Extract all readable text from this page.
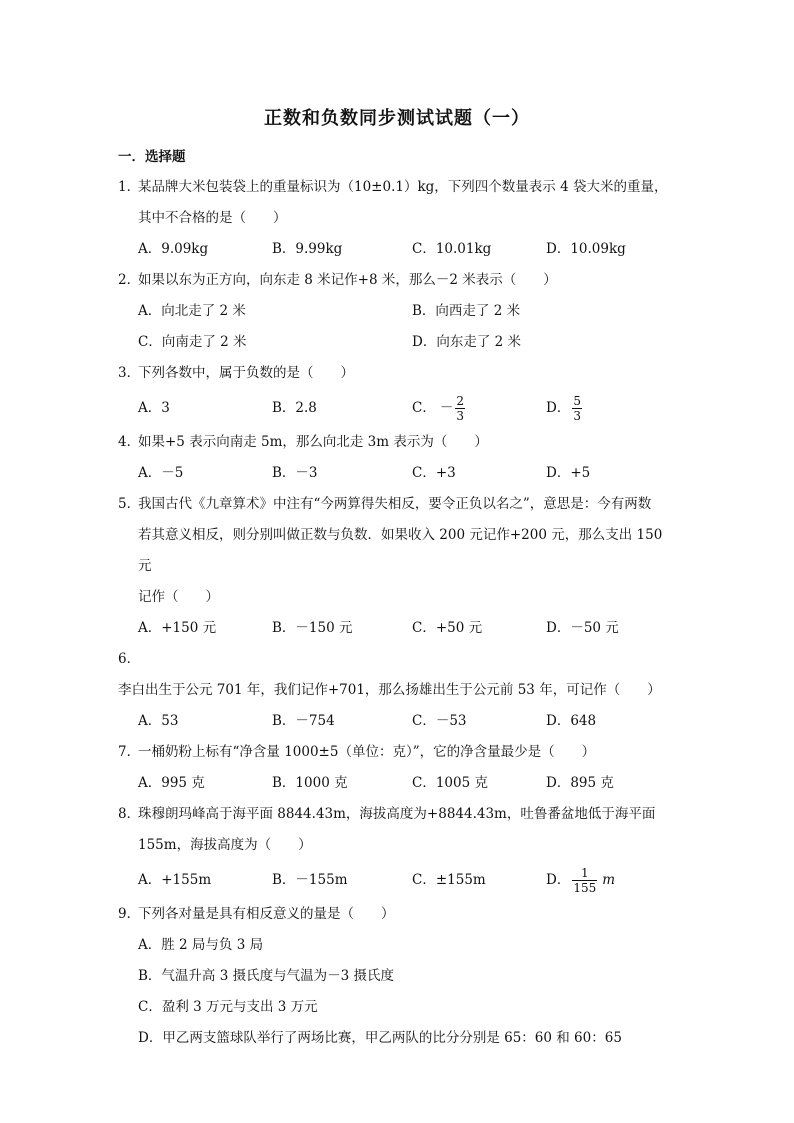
正数和负数同步测试试题（一）
一．选择题
1．某品牌大米包装袋上的重量标识为（10±0.1）kg，下列四个数量表示 4 袋大米的重量，
其中不合格的是（　　）
A．9.09kg	B．9.99kg	C．10.01kg	D．10.09kg
2．如果以东为正方向，向东走 8 米记作+8 米，那么－2 米表示（　　）
A．向北走了 2 米	B．向西走了 2 米
C．向南走了 2 米	D．向东走了 2 米
3．下列各数中，属于负数的是（　　）
A．3	B．2.8	C． － $\frac{2}{3}$	D． $\frac{5}{3}$
4．如果+5 表示向南走 5m，那么向北走 3m 表示为（　　）
A．－5	B．－3	C．+3	D．+5
5．我国古代《九章算术》中注有“今两算得失相反，要令正负以名之”，意思是：今有两数
若其意义相反，则分别叫做正数与负数．如果收入 200 元记作+200 元，那么支出 150 元
记作（　　）
A．+150 元	B．－150 元	C．+50 元	D．－50 元
6．李白出生于公元 701 年，我们记作+701，那么扬雄出生于公元前 53 年，可记作（　　）
A．53	B．－754	C．－53	D．648
7．一桶奶粉上标有“净含量 1000±5（单位：克）”，它的净含量最少是（　　）
A．995 克	B．1000 克	C．1005 克	D．895 克
8．珠穆朗玛峰高于海平面 8844.43m，海拔高度为+8844.43m，吐鲁番盆地低于海平面
155m，海拔高度为（　　）
A．+155m	B．－155m	C．±155m	D． $\frac{1}{155}$ m
9．下列各对量是具有相反意义的量是（　　）
A．胜 2 局与负 3 局
B．气温升高 3 摄氏度与气温为－3 摄氏度
C．盈利 3 万元与支出 3 万元
D．甲乙两支篮球队举行了两场比赛，甲乙两队的比分分别是 65：60 和 60：65
